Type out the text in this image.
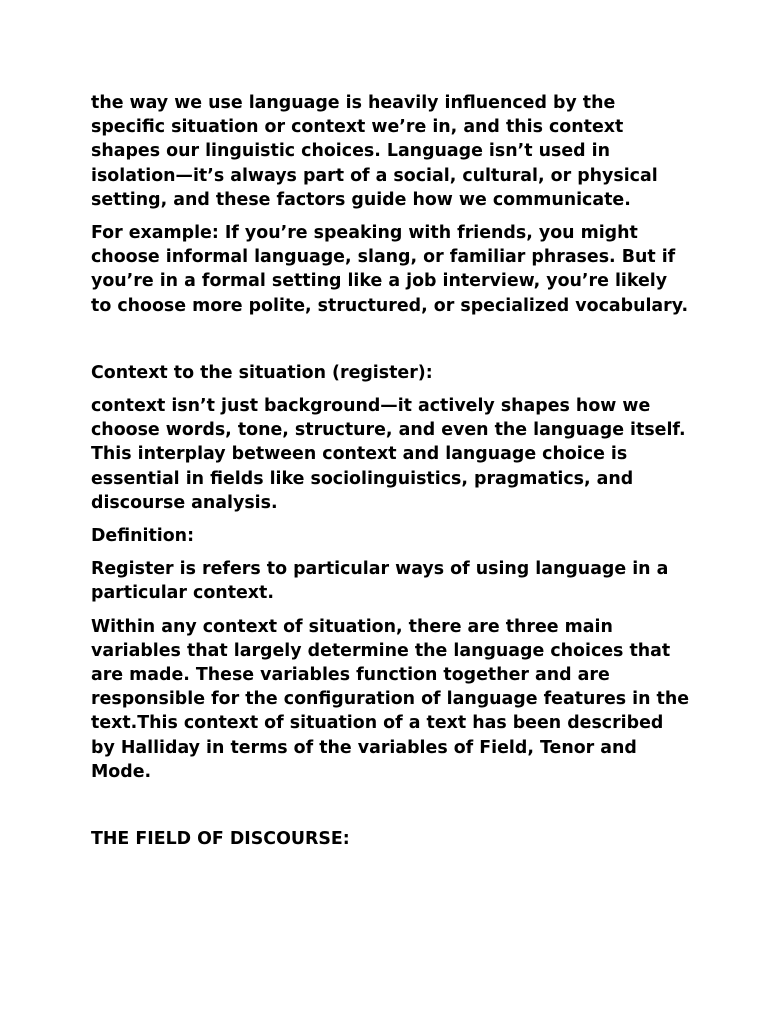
the way we use language is heavily influenced by the specific situation or context we’re in, and this context shapes our linguistic choices. Language isn’t used in isolation—it’s always part of a social, cultural, or physical setting, and these factors guide how we communicate.

For example: If you’re speaking with friends, you might choose informal language, slang, or familiar phrases. But if you’re in a formal setting like a job interview, you’re likely to choose more polite, structured, or specialized vocabulary.

Context to the situation (register):

context isn’t just background—it actively shapes how we choose words, tone, structure, and even the language itself. This interplay between context and language choice is essential in fields like sociolinguistics, pragmatics, and discourse analysis.

Definition:

Register is refers to particular ways of using language in a particular context.

Within any context of situation, there are three main variables that largely determine the language choices that are made. These variables function together and are responsible for the configuration of language features in the text.This context of situation of a text has been described by Halliday in terms of the variables of Field, Tenor and Mode.

THE FIELD OF DISCOURSE:
